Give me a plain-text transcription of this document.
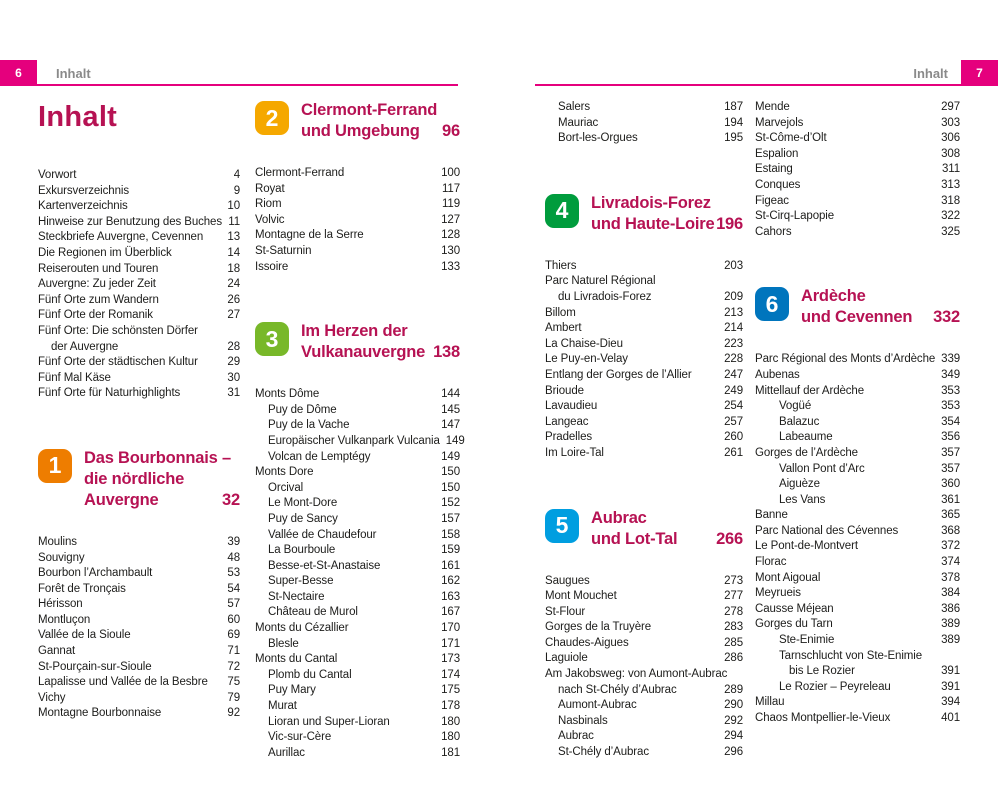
6	Inhalt	Inhalt	7
Inhalt
Vorwort	4
Exkursverzeichnis	9
Kartenverzeichnis	10
Hinweise zur Benutzung des Buches 11
Steckbriefe Auvergne, Cevennen	13
Die Regionen im Überblick	14
Reiserouten und Touren	18
Auvergne: Zu jeder Zeit	24
Fünf Orte zum Wandern	26
Fünf Orte der Romanik	27
Fünf Orte: Die schönsten Dörfer
der Auvergne	28
Fünf Orte der städtischen Kultur	29
Fünf Mal Käse	30
Fünf Orte für Naturhighlights	31
1	Das Bourbonnais –
die nördliche
Auvergne	32
Moulins	39
Souvigny	48
Bourbon l’Archambault	53
Forêt de Tronçais	54
Hérisson	57
Montluçon	60
Vallée de la Sioule	69
Gannat	71
St-Pourçain-sur-Sioule	72
Lapalisse und Vallée de la Besbre	75
Vichy	79
Montagne Bourbonnaise	92
2	Clermont-Ferrand
und Umgebung	96
Clermont-Ferrand	100
Royat	117
Riom	119
Volvic	127
Montagne de la Serre	128
St-Saturnin	130
Issoire	133
3	Im Herzen der
Vulkanauvergne 138
Monts Dôme	144
Puy de Dôme	145
Puy de la Vache	147
Europäischer Vulkanpark Vulcania 149
Volcan de Lemptégy	149
Monts Dore	150
Orcival	150
Le Mont-Dore	152
Puy de Sancy	157
Vallée de Chaudefour	158
La Bourboule	159
Besse-et-St-Anastaise	161
Super-Besse	162
St-Nectaire	163
Château de Murol	167
Monts du Cézallier	170
Blesle	171
Monts du Cantal	173
Plomb du Cantal	174
Puy Mary	175
Murat	178
Lioran und Super-Lioran	180
Vic-sur-Cère	180
Aurillac	181
Salers	187
Mauriac	194
Bort-les-Orgues	195
4	Livradois-Forez
und Haute-Loire 196
Thiers	203
Parc Naturel Régional
du Livradois-Forez	209
Billom	213
Ambert	214
La Chaise-Dieu	223
Le Puy-en-Velay	228
Entlang der Gorges de l’Allier	247
Brioude	249
Lavaudieu	254
Langeac	257
Pradelles	260
Im Loire-Tal	261
5	Aubrac
und Lot-Tal	266
Saugues	273
Mont Mouchet	277
St-Flour	278
Gorges de la Truyère	283
Chaudes-Aigues	285
Laguiole	286
Am Jakobsweg: von Aumont-Aubrac
nach St-Chély d’Aubrac	289
Aumont-Aubrac	290
Nasbinals	292
Aubrac	294
St-Chély d’Aubrac	296
Mende	297
Marvejols	303
St-Côme-d’Olt	306
Espalion	308
Estaing	311
Conques	313
Figeac	318
St-Cirq-Lapopie	322
Cahors	325
6	Ardèche
und Cevennen	332
Parc Régional des Monts d’Ardèche 339
Aubenas	349
Mittellauf der Ardèche	353
Vogüé	353
Balazuc	354
Labeaume	356
Gorges de l’Ardèche	357
Vallon Pont d’Arc	357
Aiguèze	360
Les Vans	361
Banne	365
Parc National des Cévennes	368
Le Pont-de-Montvert	372
Florac	374
Mont Aigoual	378
Meyrueis	384
Causse Méjean	386
Gorges du Tarn	389
Ste-Enimie	389
Tarnschlucht von Ste-Enimie
bis Le Rozier	391
Le Rozier – Peyreleau	391
Millau	394
Chaos Montpellier-le-Vieux	401
